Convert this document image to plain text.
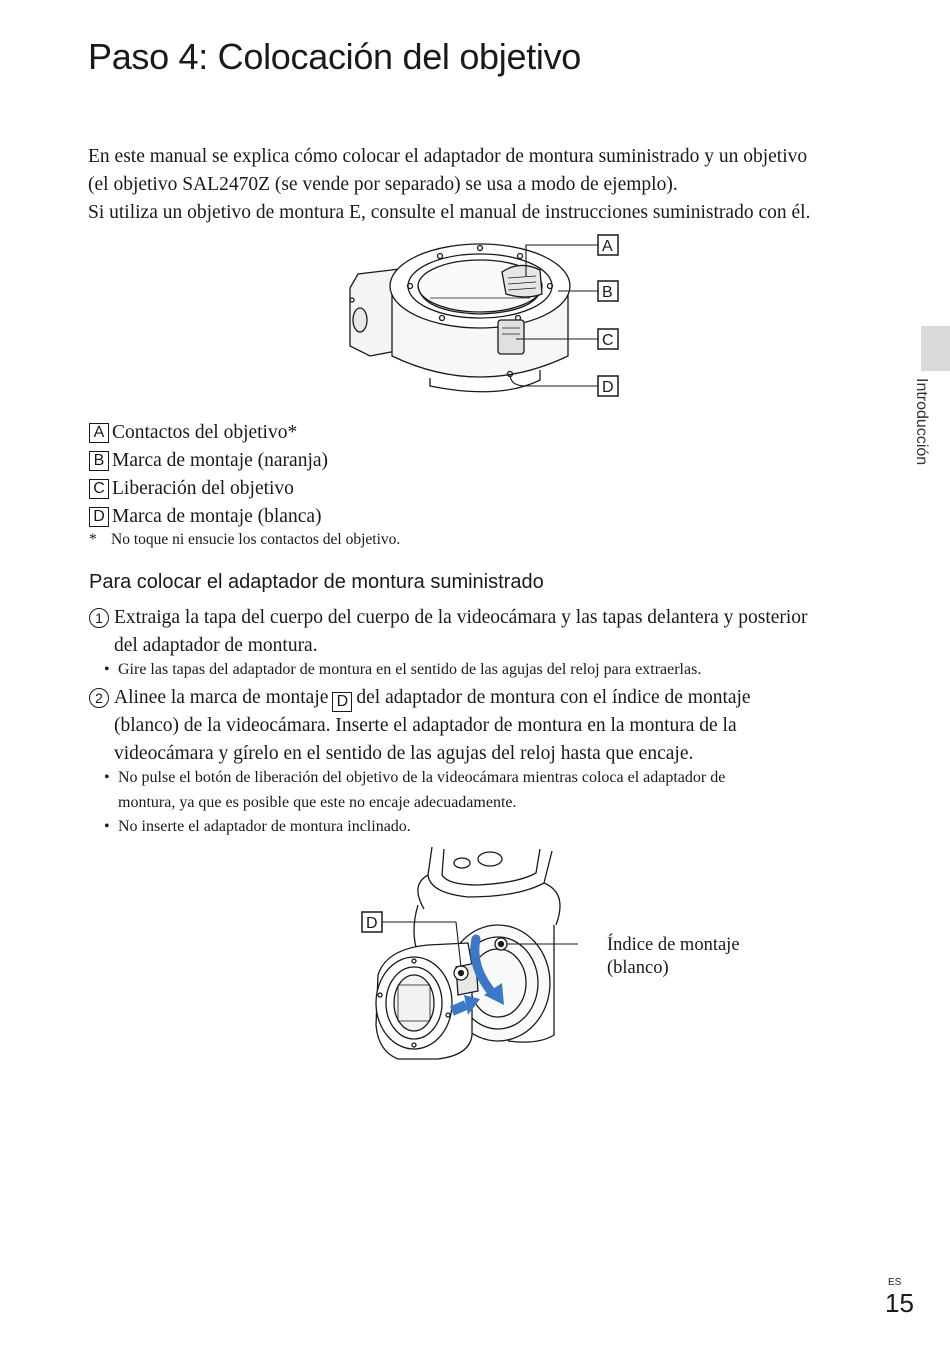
Paso 4: Colocación del objetivo

En este manual se explica cómo colocar el adaptador de montura suministrado y un objetivo

(el objetivo SAL2470Z (se vende por separado) se usa a modo de ejemplo).

Si utiliza un objetivo de montura E, consulte el manual de instrucciones suministrado con él.

A
B
C
D
A Contactos del objetivo*
B Marca de montaje (naranja)
C Liberación del objetivo
D Marca de montaje (blanca)
* No toque ni ensucie los contactos del objetivo.
Para colocar el adaptador de montura suministrado
1 Extraiga la tapa del cuerpo del cuerpo de la videocámara y las tapas delantera y posterior
del adaptador de montura.
• Gire las tapas del adaptador de montura en el sentido de las agujas del reloj para extraerlas.
2 Alinee la marca de montaje D del adaptador de montura con el índice de montaje
(blanco) de la videocámara. Inserte el adaptador de montura en la montura de la
videocámara y gírelo en el sentido de las agujas del reloj hasta que encaje.
• No pulse el botón de liberación del objetivo de la videocámara mientras coloca el adaptador de
montura, ya que es posible que este no encaje adecuadamente.
• No inserte el adaptador de montura inclinado.
D
Índice de montaje
(blanco)
Introducción
ES
15
